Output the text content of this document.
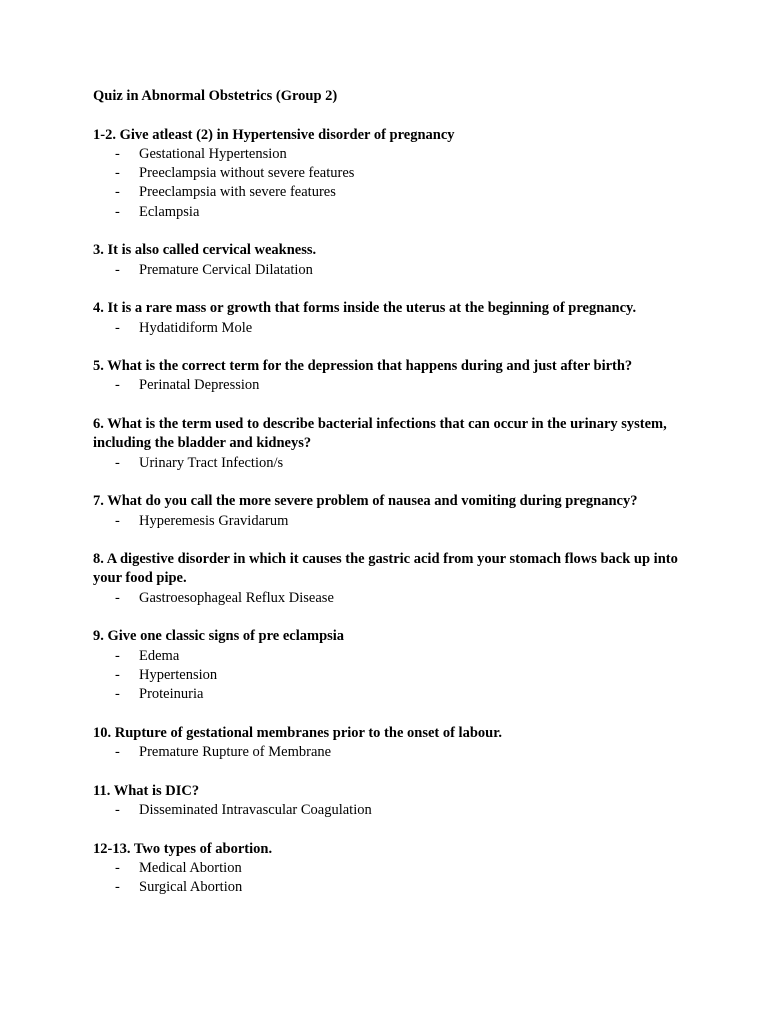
Quiz in Abnormal Obstetrics (Group 2)
1-2. Give atleast (2) in Hypertensive disorder of pregnancy
- Gestational Hypertension
- Preeclampsia without severe features
- Preeclampsia with severe features
- Eclampsia
3. It is also called cervical weakness.
- Premature Cervical Dilatation
4. It is a rare mass or growth that forms inside the uterus at the beginning of pregnancy.
- Hydatidiform Mole
5. What is the correct term for the depression that happens during and just after birth?
- Perinatal Depression
6. What is the term used to describe bacterial infections that can occur in the urinary system, including the bladder and kidneys?
- Urinary Tract Infection/s
7. What do you call the more severe problem of nausea and vomiting during pregnancy?
- Hyperemesis Gravidarum
8. A digestive disorder in which it causes the gastric acid from your stomach flows back up into your food pipe.
- Gastroesophageal Reflux Disease
9. Give one classic signs of pre eclampsia
- Edema
- Hypertension
- Proteinuria
10. Rupture of gestational membranes prior to the onset of labour.
- Premature Rupture of Membrane
11. What is DIC?
- Disseminated Intravascular Coagulation
12-13. Two types of abortion.
- Medical Abortion
- Surgical Abortion
